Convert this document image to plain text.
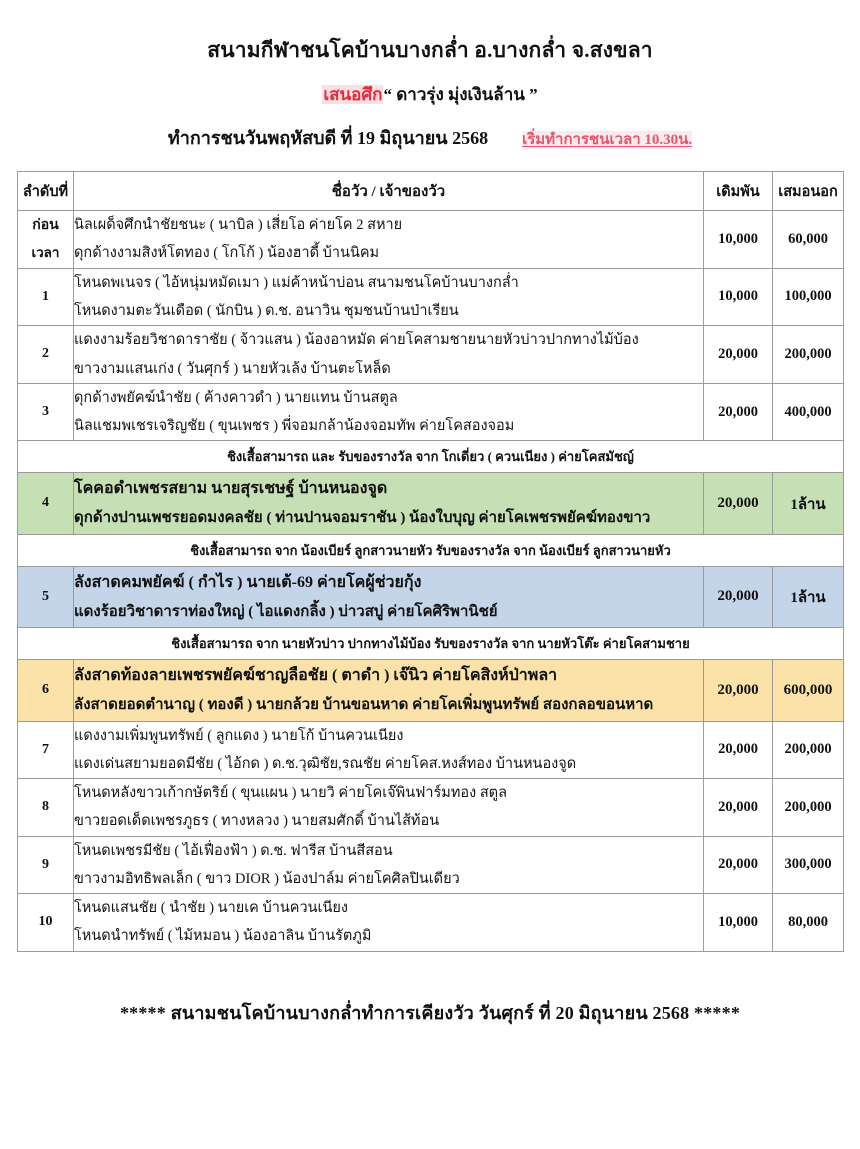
สนามกีฬาชนโคบ้านบางกล่ำ อ.บางกล่ำ จ.สงขลา
เสนอศึก“ ดาวรุ่ง มุ่งเงินล้าน ”
ทำการชนวันพฤหัสบดี ที่ 19 มิถุนายน 2568 เริ่มทำการชนเวลา 10.30น.
ลำดับที่	ชื่อวัว / เจ้าของวัว	เดิมพัน	เสมอนอก
ก่อน
เวลา	นิลเผด็จศึกนำชัยชนะ ( นาบิล ) เสี่ยโอ ค่ายโค 2 สหาย
ดุกด้างงามสิงห์โตทอง ( โกโก้ ) น้องฮาดี้ บ้านนิคม	10,000	60,000
1	โหนดพเนจร ( ไอ้หนุ่มหมัดเมา ) แม่ค้าหน้าบ่อน สนามชนโคบ้านบางกล่ำ
โหนดงามตะวันเดือด ( นักบิน ) ด.ช. อนาวิน ชุมชนบ้านป่าเรียน	10,000	100,000
2	แดงงามร้อยวิชาดาราชัย ( จ้าวแสน ) น้องอาหมัด ค่ายโคสามชายนายหัวบ่าวปากทางไม้บ้อง
ขาวงามแสนเก่ง ( วันศุกร์ ) นายหัวเล้ง บ้านตะโหล็ด	20,000	200,000
3	ดุกด้างพยัคฆ์นำชัย ( ค้างคาวดำ ) นายแทน บ้านสตูล
นิลแชมพเชรเจริญชัย ( ขุนเพชร ) พี่จอมกล้าน้องจอมทัพ ค่ายโคสองจอม	20,000	400,000
ชิงเสื้อสามารถ และ รับของรางวัล จาก โกเดี่ยว ( ควนเนียง ) ค่ายโคสมัชญ์			
4	โคคอดำเพชรสยาม นายสุรเชษฐ์ บ้านหนองจูด
ดุกด้างปานเพชรยอดมงคลชัย ( ท่านปานจอมราชัน ) น้องใบบุญ ค่ายโคเพชรพยัคฆ์ทองขาว	20,000	1ล้าน
ชิงเสื้อสามารถ จาก น้องเบียร์ ลูกสาวนายหัว รับของรางวัล จาก น้องเบียร์ ลูกสาวนายหัว			
5	ลังสาดคมพยัคฆ์ ( กำไร ) นายเต้-69 ค่ายโคผู้ช่วยกุ้ง
แดงร้อยวิชาดาราท่องใหญ่ ( ไอแดงกลิ้ง ) บ่าวสบู่ ค่ายโคศิริพานิชย์	20,000	1ล้าน
ชิงเสื้อสามารถ จาก นายหัวบ่าว ปากทางไม้บ้อง รับของรางวัล จาก นายหัวโต๊ะ ค่ายโคสามชาย			
6	ลังสาดท้องลายเพชรพยัคฆ์ชาญลือชัย ( ตาดำ ) เจ๊นิว ค่ายโคสิงห์ป่าพลา
ลังสาดยอดตำนาญ ( ทองดี ) นายกล้วย บ้านขอนหาด ค่ายโคเพิ่มพูนทรัพย์ สองกลอขอนหาด	20,000	600,000
7	แดงงามเพิ่มพูนทรัพย์ ( ลูกแดง ) นายโก้ บ้านควนเนียง
แดงเด่นสยามยอดมีชัย ( ไอ้กด ) ด.ช.วุฒิชัย,รณชัย ค่ายโคส.หงส์ทอง บ้านหนองจูด	20,000	200,000
8	โหนดหลังขาวเก้ากษัตริย์ ( ขุนแผน ) นายวิ ค่ายโคเจ๊พินฟาร์มทอง สตูล
ขาวยอดเด็ดเพชรภูธร ( ทางหลวง ) นายสมศักดิ์ บ้านไส้ท้อน	20,000	200,000
9	โหนดเพชรมีชัย ( ไอ้เฟื่องฟ้า ) ด.ช. ฟารีส บ้านสีสอน
ขาวงามอิทธิพลเล็ก ( ขาว DIOR ) น้องปาล์ม ค่ายโคศิลปินเดียว	20,000	300,000
10	โหนดแสนชัย ( นำชัย ) นายเค บ้านควนเนียง
โหนดนำทรัพย์ ( ไม้หมอน ) น้องอาลิน บ้านรัตภูมิ	10,000	80,000
***** สนามชนโคบ้านบางกล่ำทำการเคียงวัว วันศุกร์ ที่ 20 มิถุนายน 2568 *****
